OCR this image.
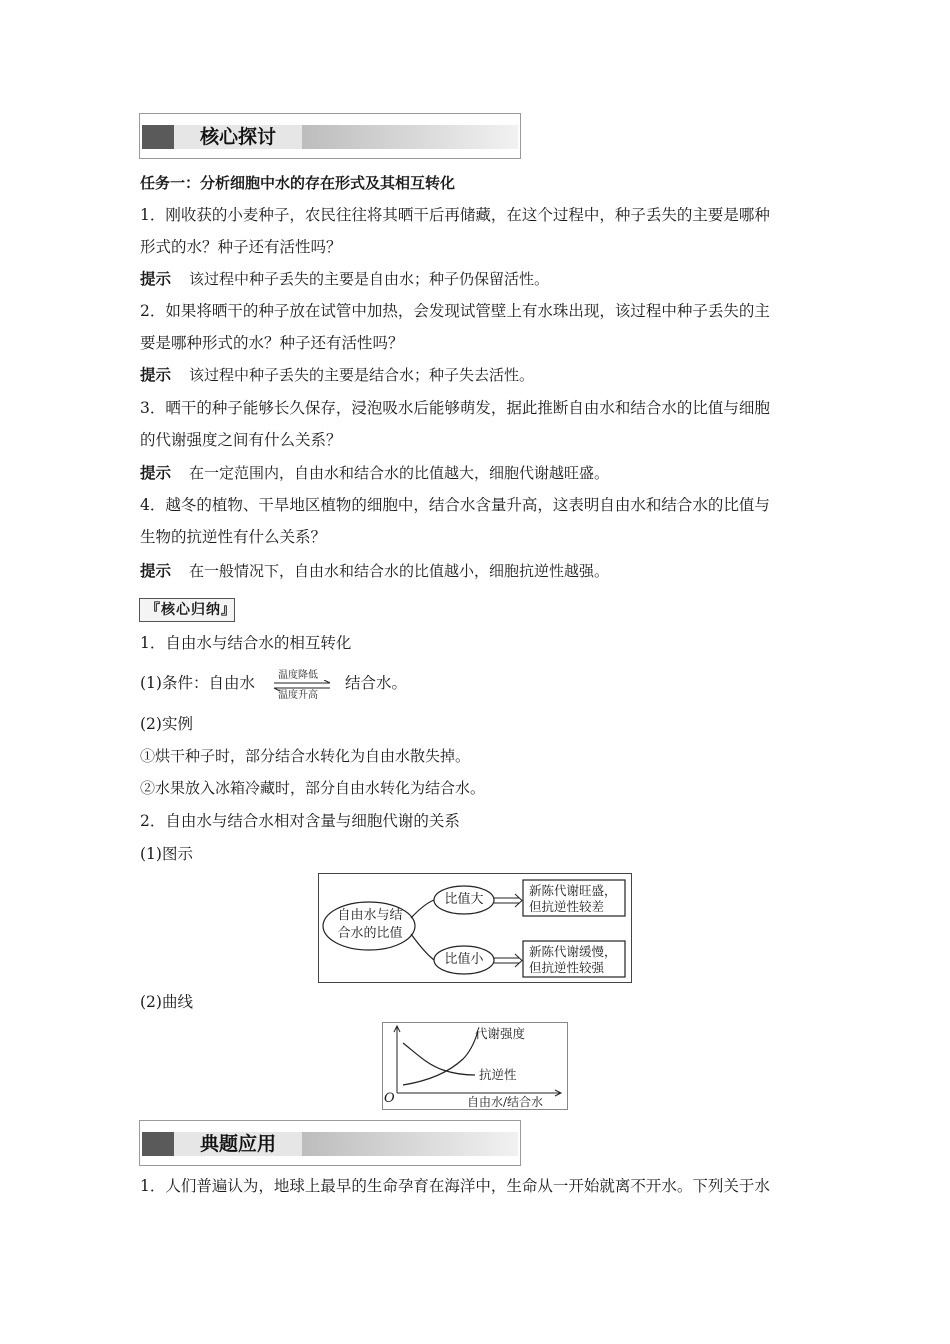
核心探讨
任务一：分析细胞中水的存在形式及其相互转化
1．刚收获的小麦种子，农民往往将其晒干后再储藏，在这个过程中，种子丢失的主要是哪种
形式的水？种子还有活性吗？
提示 该过程中种子丢失的主要是自由水；种子仍保留活性。
2．如果将晒干的种子放在试管中加热，会发现试管壁上有水珠出现，该过程中种子丢失的主
要是哪种形式的水？种子还有活性吗？
提示 该过程中种子丢失的主要是结合水；种子失去活性。
3．晒干的种子能够长久保存，浸泡吸水后能够萌发，据此推断自由水和结合水的比值与细胞
的代谢强度之间有什么关系？
提示 在一定范围内，自由水和结合水的比值越大，细胞代谢越旺盛。
4．越冬的植物、干旱地区植物的细胞中，结合水含量升高，这表明自由水和结合水的比值与
生物的抗逆性有什么关系？
提示 在一般情况下，自由水和结合水的比值越小，细胞抗逆性越强。
『核心归纳』
1．自由水与结合水的相互转化
(1)条件：自由水	温度降低
温度升高
结合水。
(2)实例
①烘干种子时，部分结合水转化为自由水散失掉。
②水果放入冰箱冷藏时，部分自由水转化为结合水。
2．自由水与结合水相对含量与细胞代谢的关系
(1)图示
自由水与结
合水的比值
比值大
比值小
新陈代谢旺盛，
但抗逆性较差
新陈代谢缓慢，
但抗逆性较强
(2)曲线
代谢强度
抗逆性
自由水/结合水
O
典题应用
1．人们普遍认为，地球上最早的生命孕育在海洋中，生命从一开始就离不开水。下列关于水
